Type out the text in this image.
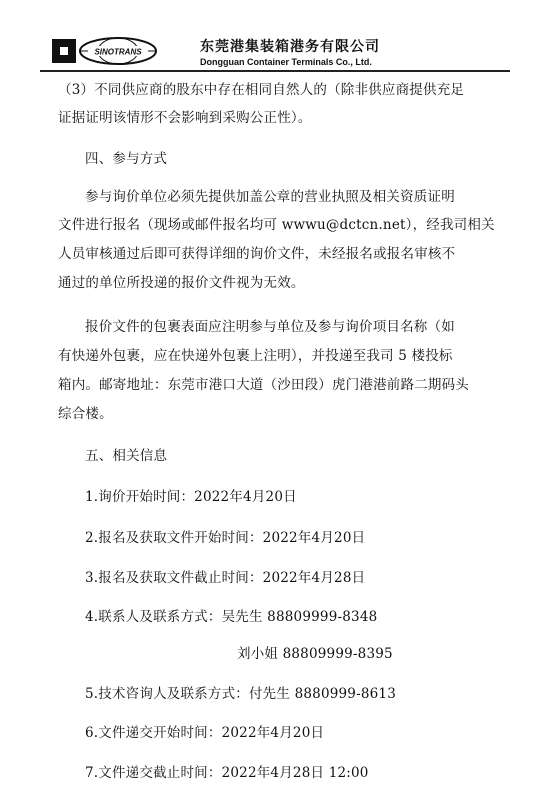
SINOTRANS	东莞港集装箱港务有限公司
Dongguan Container Terminals Co., Ltd.
（3）不同供应商的股东中存在相同自然人的（除非供应商提供充足
证据证明该情形不会影响到采购公正性）。
四、参与方式
参与询价单位必须先提供加盖公章的营业执照及相关资质证明
文件进行报名（现场或邮件报名均可 wwwu@dctcn.net），经我司相关
人员审核通过后即可获得详细的询价文件，未经报名或报名审核不
通过的单位所投递的报价文件视为无效。
报价文件的包裹表面应注明参与单位及参与询价项目名称（如
有快递外包裹，应在快递外包裹上注明），并投递至我司 5 楼投标
箱内。邮寄地址：东莞市港口大道（沙田段）虎门港港前路二期码头
综合楼。
五、相关信息
1.询价开始时间：2022年4月20日
2.报名及获取文件开始时间：2022年4月20日
3.报名及获取文件截止时间：2022年4月28日
4.联系人及联系方式：吴先生 88809999-8348
刘小姐 88809999-8395
5.技术咨询人及联系方式：付先生 8880999-8613
6.文件递交开始时间：2022年4月20日
7.文件递交截止时间：2022年4月28日 12:00
